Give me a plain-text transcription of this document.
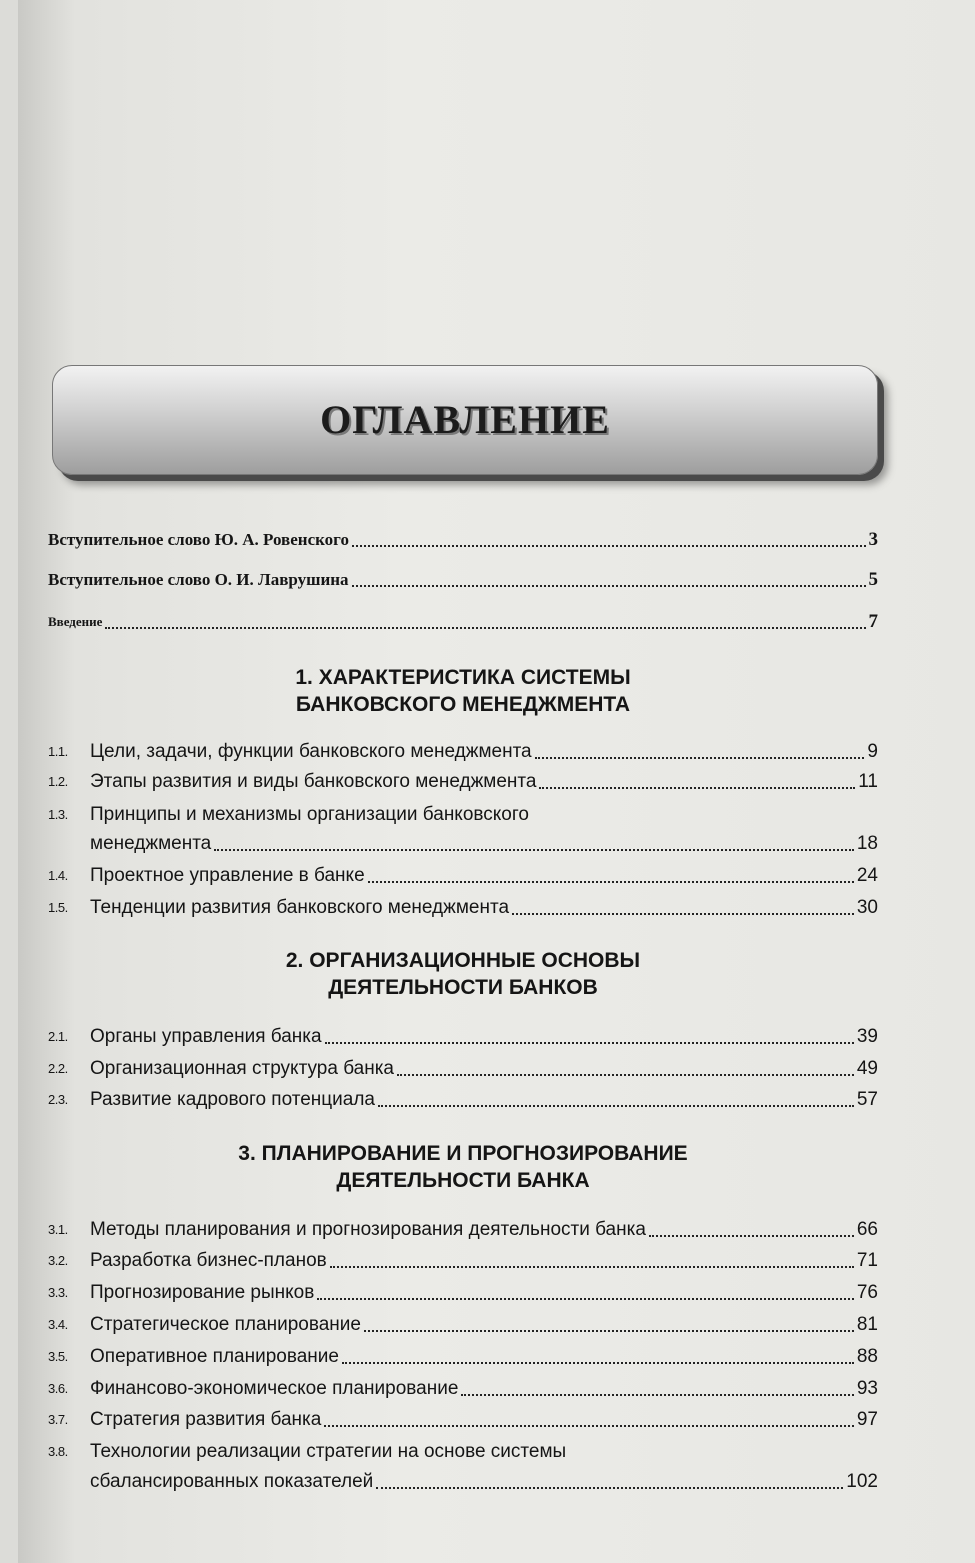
ОГЛАВЛЕНИЕ
Вступительное слово Ю. А. Ровенского	3
Вступительное слово О. И. Лаврушина	5
Введение	7
1. ХАРАКТЕРИСТИКА СИСТЕМЫ
БАНКОВСКОГО МЕНЕДЖМЕНТА
1.1.	Цели, задачи, функции банковского менеджмента	9
1.2.	Этапы развития и виды банковского менеджмента	11
1.3.	Принципы и механизмы организации банковского
менеджмента	18
1.4.	Проектное управление в банке	24
1.5.	Тенденции развития банковского менеджмента	30
2. ОРГАНИЗАЦИОННЫЕ ОСНОВЫ
ДЕЯТЕЛЬНОСТИ БАНКОВ
2.1.	Органы управления банка	39
2.2.	Организационная структура банка	49
2.3.	Развитие кадрового потенциала	57
3. ПЛАНИРОВАНИЕ И ПРОГНОЗИРОВАНИЕ
ДЕЯТЕЛЬНОСТИ БАНКА
3.1.	Методы планирования и прогнозирования деятельности банка	66
3.2.	Разработка бизнес-планов	71
3.3.	Прогнозирование рынков	76
3.4.	Стратегическое планирование	81
3.5.	Оперативное планирование	88
3.6.	Финансово-экономическое планирование	93
3.7.	Стратегия развития банка	97
3.8.	Технологии реализации стратегии на основе системы
сбалансированных показателей	102
